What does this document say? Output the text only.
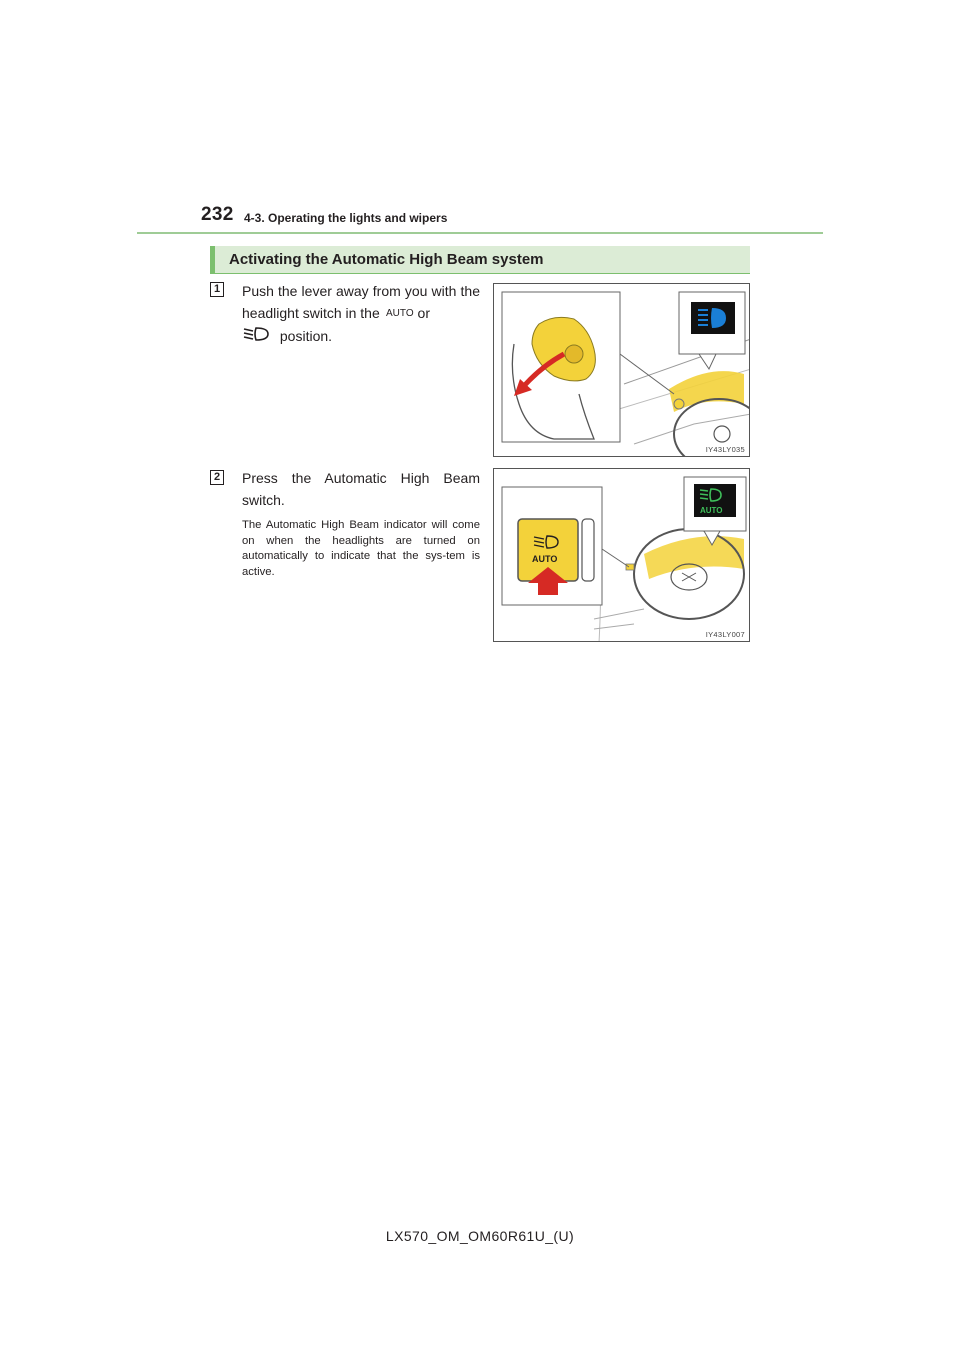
232 4-3. Operating the lights and wipers
Activating the Automatic High Beam system
1 Push the lever away from you with the headlight switch in the AUTO or
position.
IY43LY035
2 Press the Automatic High Beam switch.
The Automatic High Beam indicator will come on when the headlights are turned on automatically to indicate that the sys-tem is active.
AUTO
AUTO
IY43LY007
LX570_OM_OM60R61U_(U)
